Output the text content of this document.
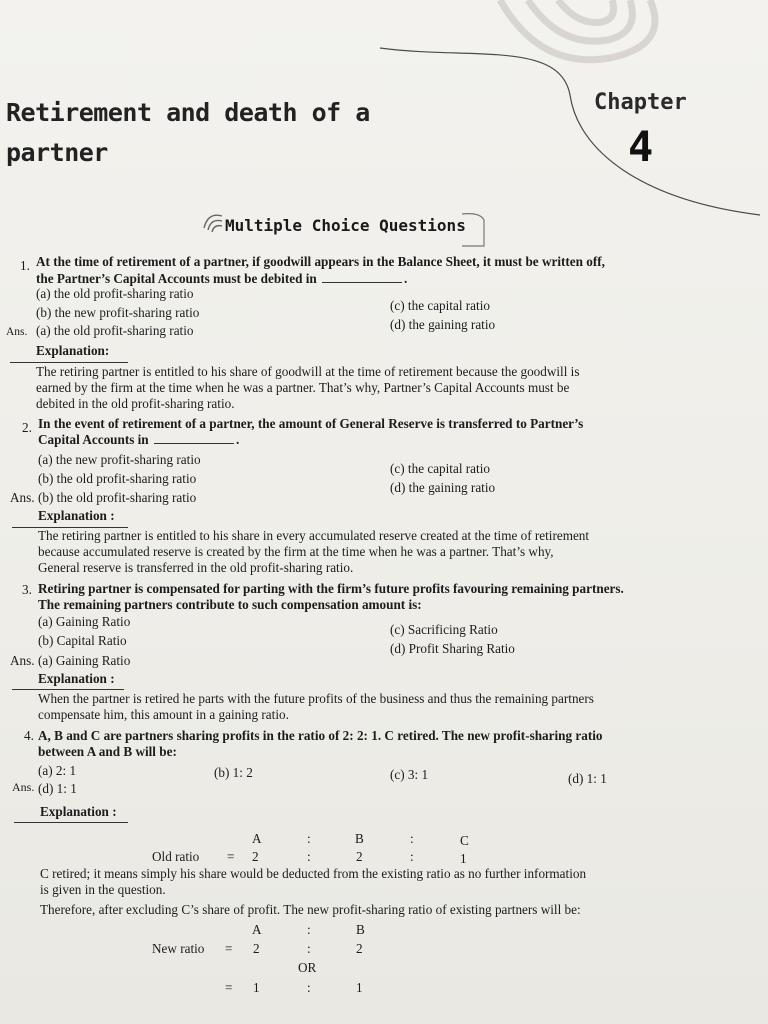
Retirement and death of a
partner
Chapter
4
Multiple Choice Questions
1. At the time of retirement of a partner, if goodwill appears in the Balance Sheet, it must be written off,
the Partner’s Capital Accounts must be debited in	.
(a) the old profit-sharing ratio
(b) the new profit-sharing ratio	(c) the capital ratio
(d) the gaining ratio
Ans. (a) the old profit-sharing ratio
Explanation:
The retiring partner is entitled to his share of goodwill at the time of retirement because the goodwill is
earned by the firm at the time when he was a partner. That’s why, Partner’s Capital Accounts must be
debited in the old profit-sharing ratio.
2. In the event of retirement of a partner, the amount of General Reserve is transferred to Partner’s
Capital Accounts in	.
(a) the new profit-sharing ratio
(b) the old profit-sharing ratio
(c) the capital ratio
(d) the gaining ratio
Ans. (b) the old profit-sharing ratio
Explanation :
The retiring partner is entitled to his share in every accumulated reserve created at the time of retirement
because accumulated reserve is created by the firm at the time when he was a partner. That’s why,
General reserve is transferred in the old profit-sharing ratio.
3. Retiring partner is compensated for parting with the firm’s future profits favouring remaining partners.
The remaining partners contribute to such compensation amount is:
(a) Gaining Ratio
(b) Capital Ratio
(c) Sacrificing Ratio
(d) Profit Sharing Ratio
Ans. (a) Gaining Ratio
Explanation :
When the partner is retired he parts with the future profits of the business and thus the remaining partners
compensate him, this amount in a gaining ratio.
4. A, B and C are partners sharing profits in the ratio of 2: 2: 1. C retired. The new profit-sharing ratio
between A and B will be:
(a) 2: 1	(b) 1: 2	(c) 3: 1	(d) 1: 1
Ans. (d) 1: 1
Explanation :
A	:	B	:	C
Old ratio = 2	:	2	:	1
C retired; it means simply his share would be deducted from the existing ratio as no further information
is given in the question.
Therefore, after excluding C’s share of profit. The new profit-sharing ratio of existing partners will be:
A	:	B
New ratio = 2	:	2
OR
= 1	:	1
